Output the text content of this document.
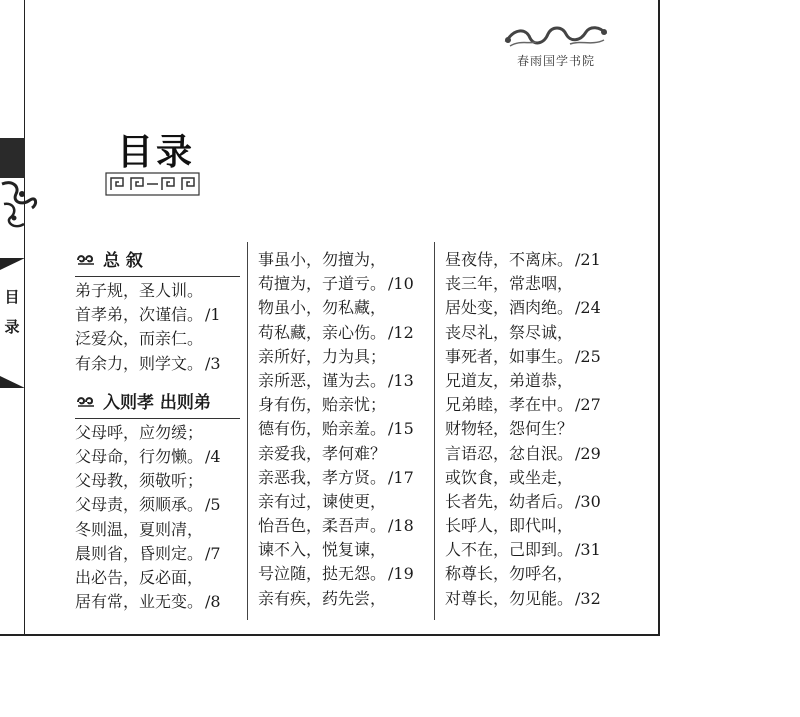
目录
春雨国学书院
目录
总 叙
弟子规，圣人训。
首孝弟，次谨信。 /1
泛爱众，而亲仁。
有余力，则学文。 /3
入则孝 出则弟
父母呼，应勿缓；
父母命，行勿懒。 /4
父母教，须敬听；
父母责，须顺承。 /5
冬则温，夏则凊，
晨则省，昏则定。 /7
出必告，反必面，
居有常，业无变。 /8
事虽小，勿擅为，
苟擅为，子道亏。 /10
物虽小，勿私藏，
苟私藏，亲心伤。 /12
亲所好，力为具；
亲所恶，谨为去。 /13
身有伤，贻亲忧；
德有伤，贻亲羞。 /15
亲爱我，孝何难？
亲恶我，孝方贤。 /17
亲有过，谏使更，
怡吾色，柔吾声。 /18
谏不入，悦复谏，
号泣随，挞无怨。 /19
亲有疾，药先尝，
昼夜侍，不离床。 /21
丧三年，常悲咽，
居处变，酒肉绝。 /24
丧尽礼，祭尽诚，
事死者，如事生。 /25
兄道友，弟道恭，
兄弟睦，孝在中。 /27
财物轻，怨何生？
言语忍，忿自泯。 /29
或饮食，或坐走，
长者先，幼者后。 /30
长呼人，即代叫，
人不在，己即到。 /31
称尊长，勿呼名，
对尊长，勿见能。 /32
